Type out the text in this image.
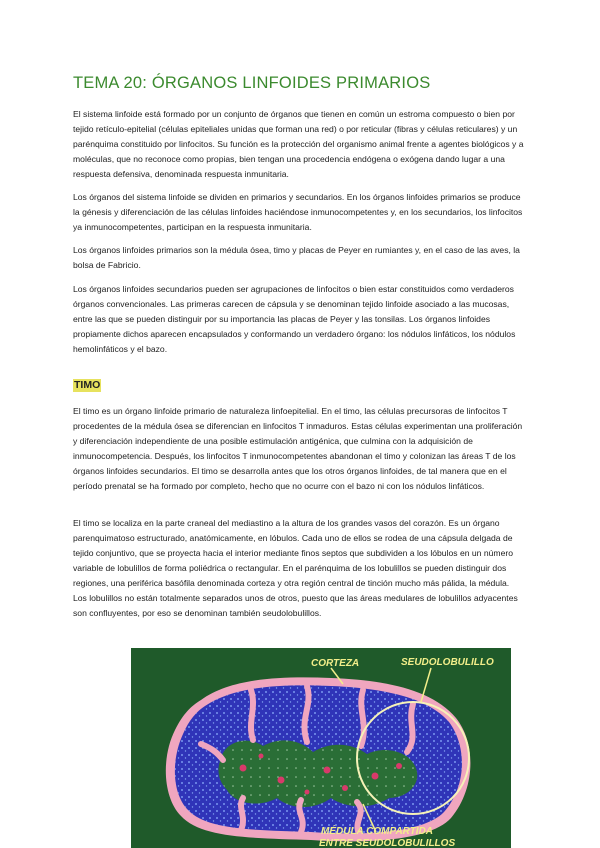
TEMA 20: ÓRGANOS LINFOIDES PRIMARIOS

El sistema linfoide está formado por un conjunto de órganos que tienen en común un estroma compuesto o bien por tejido retículo-epitelial (células epiteliales unidas que forman una red) o por reticular (fibras y células reticulares) y un parénquima constituido por linfocitos. Su función es la protección del organismo animal frente a agentes biológicos y a moléculas, que no reconoce como propias, bien tengan una procedencia endógena o exógena dando lugar a una respuesta defensiva, denominada respuesta inmunitaria.

Los órganos del sistema linfoide se dividen en primarios y secundarios. En los órganos linfoides primarios se produce la génesis y diferenciación de las células linfoides haciéndose inmunocompetentes y, en los secundarios, los linfocitos ya inmunocompetentes, participan en la respuesta inmunitaria.

Los órganos linfoides primarios son la médula ósea, timo y placas de Peyer en rumiantes y, en el caso de las aves, la bolsa de Fabricio.

Los órganos linfoides secundarios pueden ser agrupaciones de linfocitos o bien estar constituidos como verdaderos órganos convencionales. Las primeras carecen de cápsula y se denominan tejido linfoide asociado a las mucosas, entre las que se pueden distinguir por su importancia las placas de Peyer y las tonsilas. Los órganos linfoides propiamente dichos aparecen encapsulados y conformando un verdadero órgano: los nódulos linfáticos, los nódulos hemolinfáticos y el bazo.

TIMO

El timo es un órgano linfoide primario de naturaleza linfoepitelial. En el timo, las células precursoras de linfocitos T procedentes de la médula ósea se diferencian en linfocitos T inmaduros. Estas células experimentan una proliferación y diferenciación independiente de una posible estimulación antigénica, que culmina con la adquisición de inmunocompetencia. Después, los linfocitos T inmunocompetentes abandonan el timo y colonizan las áreas T de los órganos linfoides secundarios. El timo se desarrolla antes que los otros órganos linfoides, de tal manera que en el período prenatal se ha formado por completo, hecho que no ocurre con el bazo ni con los nódulos linfáticos.

El timo se localiza en la parte craneal del mediastino a la altura de los grandes vasos del corazón. Es un órgano parenquimatoso estructurado, anatómicamente, en lóbulos. Cada uno de ellos se rodea de una cápsula delgada de tejido conjuntivo, que se proyecta hacia el interior mediante finos septos que subdividen a los lóbulos en un número variable de lobulillos de forma poliédrica o rectangular. En el parénquima de los lobulillos se pueden distinguir dos regiones, una periférica basófila denominada corteza y otra región central de tinción mucho más pálida, la médula. Los lobulillos no están totalmente separados unos de otros, puesto que las áreas medulares de lobulillos adyacentes son confluyentes, por eso se denominan también seudolobulillos.

CORTEZA	SEUDOLOBULILLO
MÉDULA COMPARTIDA
ENTRE SEUDOLOBULILLOS
